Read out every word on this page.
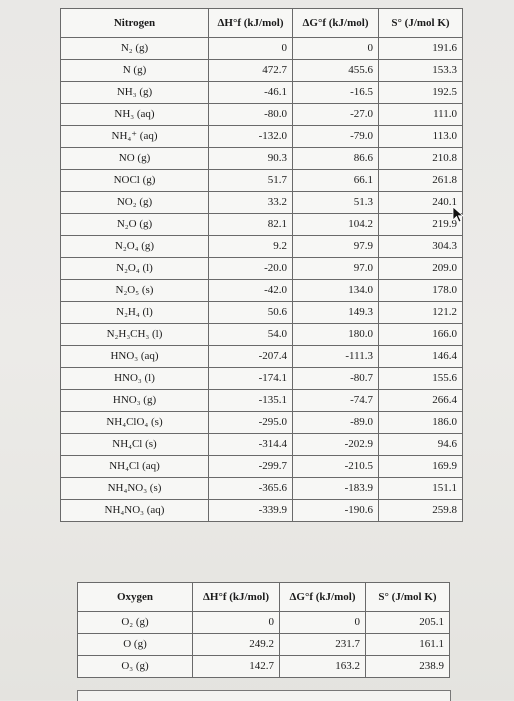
Nitrogen	ΔH°f (kJ/mol)	ΔG°f (kJ/mol)	S° (J/mol K)
N₂ (g)	0	0	191.6
N (g)	472.7	455.6	153.3
NH₃ (g)	-46.1	-16.5	192.5
NH₃ (aq)	-80.0	-27.0	111.0
NH₄⁺ (aq)	-132.0	-79.0	113.0
NO (g)	90.3	86.6	210.8
NOCl (g)	51.7	66.1	261.8
NO₂ (g)	33.2	51.3	240.1
N₂O (g)	82.1	104.2	219.9
N₂O₄ (g)	9.2	97.9	304.3
N₂O₄ (l)	-20.0	97.0	209.0
N₂O₅ (s)	-42.0	134.0	178.0
N₂H₄ (l)	50.6	149.3	121.2
N₂H₃CH₃ (l)	54.0	180.0	166.0
HNO₃ (aq)	-207.4	-111.3	146.4
HNO₃ (l)	-174.1	-80.7	155.6
HNO₃ (g)	-135.1	-74.7	266.4
NH₄ClO₄ (s)	-295.0	-89.0	186.0
NH₄Cl (s)	-314.4	-202.9	94.6
NH₄Cl (aq)	-299.7	-210.5	169.9
NH₄NO₃ (s)	-365.6	-183.9	151.1
NH₄NO₃ (aq)	-339.9	-190.6	259.8
Oxygen	ΔH°f (kJ/mol)	ΔG°f (kJ/mol)	S° (J/mol K)
O₂ (g)	0	0	205.1
O (g)	249.2	231.7	161.1
O₃ (g)	142.7	163.2	238.9
